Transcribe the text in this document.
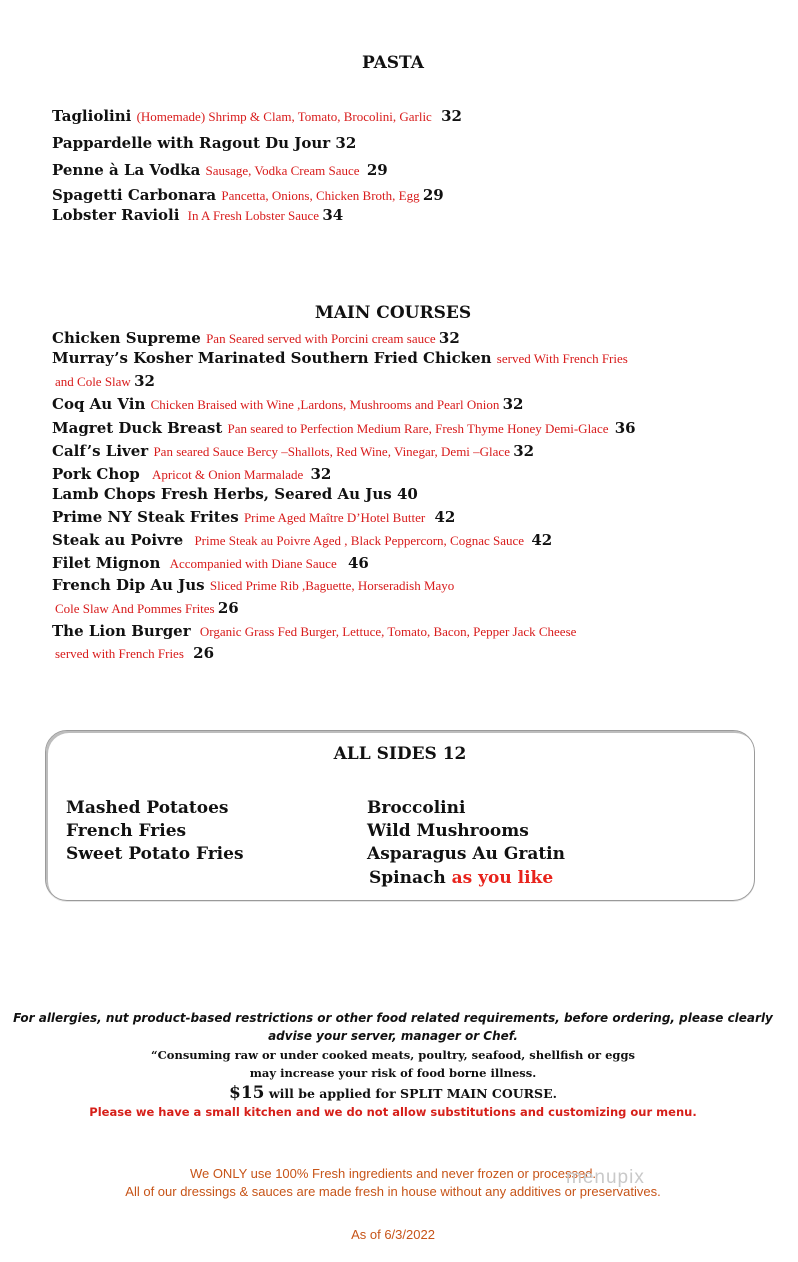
PASTA
Tagliolini (Homemade) Shrimp & Clam, Tomato, Brocolini, Garlic 32
Pappardelle with Ragout Du Jour 32
Penne à La Vodka Sausage, Vodka Cream Sauce 29
Spagetti Carbonara Pancetta, Onions, Chicken Broth, Egg 29
Lobster Ravioli In A Fresh Lobster Sauce 34
MAIN COURSES
Chicken Supreme Pan Seared served with Porcini cream sauce 32
Murray’s Kosher Marinated Southern Fried Chicken served With French Fries
and Cole Slaw 32
Coq Au Vin Chicken Braised with Wine ,Lardons, Mushrooms and Pearl Onion 32
Magret Duck Breast Pan seared to Perfection Medium Rare, Fresh Thyme Honey Demi-Glace 36
Calf’s Liver Pan seared Sauce Bercy –Shallots, Red Wine, Vinegar, Demi –Glace 32
Pork Chop Apricot & Onion Marmalade 32
Lamb Chops Fresh Herbs, Seared Au Jus 40
Prime NY Steak Frites Prime Aged Maître D’Hotel Butter 42
Steak au Poivre Prime Steak au Poivre Aged , Black Peppercorn, Cognac Sauce 42
Filet Mignon Accompanied with Diane Sauce 46
French Dip Au Jus Sliced Prime Rib ,Baguette, Horseradish Mayo
Cole Slaw And Pommes Frites 26
The Lion Burger Organic Grass Fed Burger, Lettuce, Tomato, Bacon, Pepper Jack Cheese
served with French Fries 26
ALL SIDES 12
Mashed Potatoes
French Fries
Sweet Potato Fries
Broccolini
Wild Mushrooms
Asparagus Au Gratin
Spinach as you like
For allergies, nut product-based restrictions or other food related requirements, before ordering, please clearly
advise your server, manager or Chef.
“Consuming raw or under cooked meats, poultry, seafood, shellfish or eggs
may increase your risk of food borne illness.
$15 will be applied for SPLIT MAIN COURSE.
Please we have a small kitchen and we do not allow substitutions and customizing our menu.
We ONLY use 100% Fresh ingredients and never frozen or processed.
All of our dressings & sauces are made fresh in house without any additives or preservatives.
menupix
As of 6/3/2022
